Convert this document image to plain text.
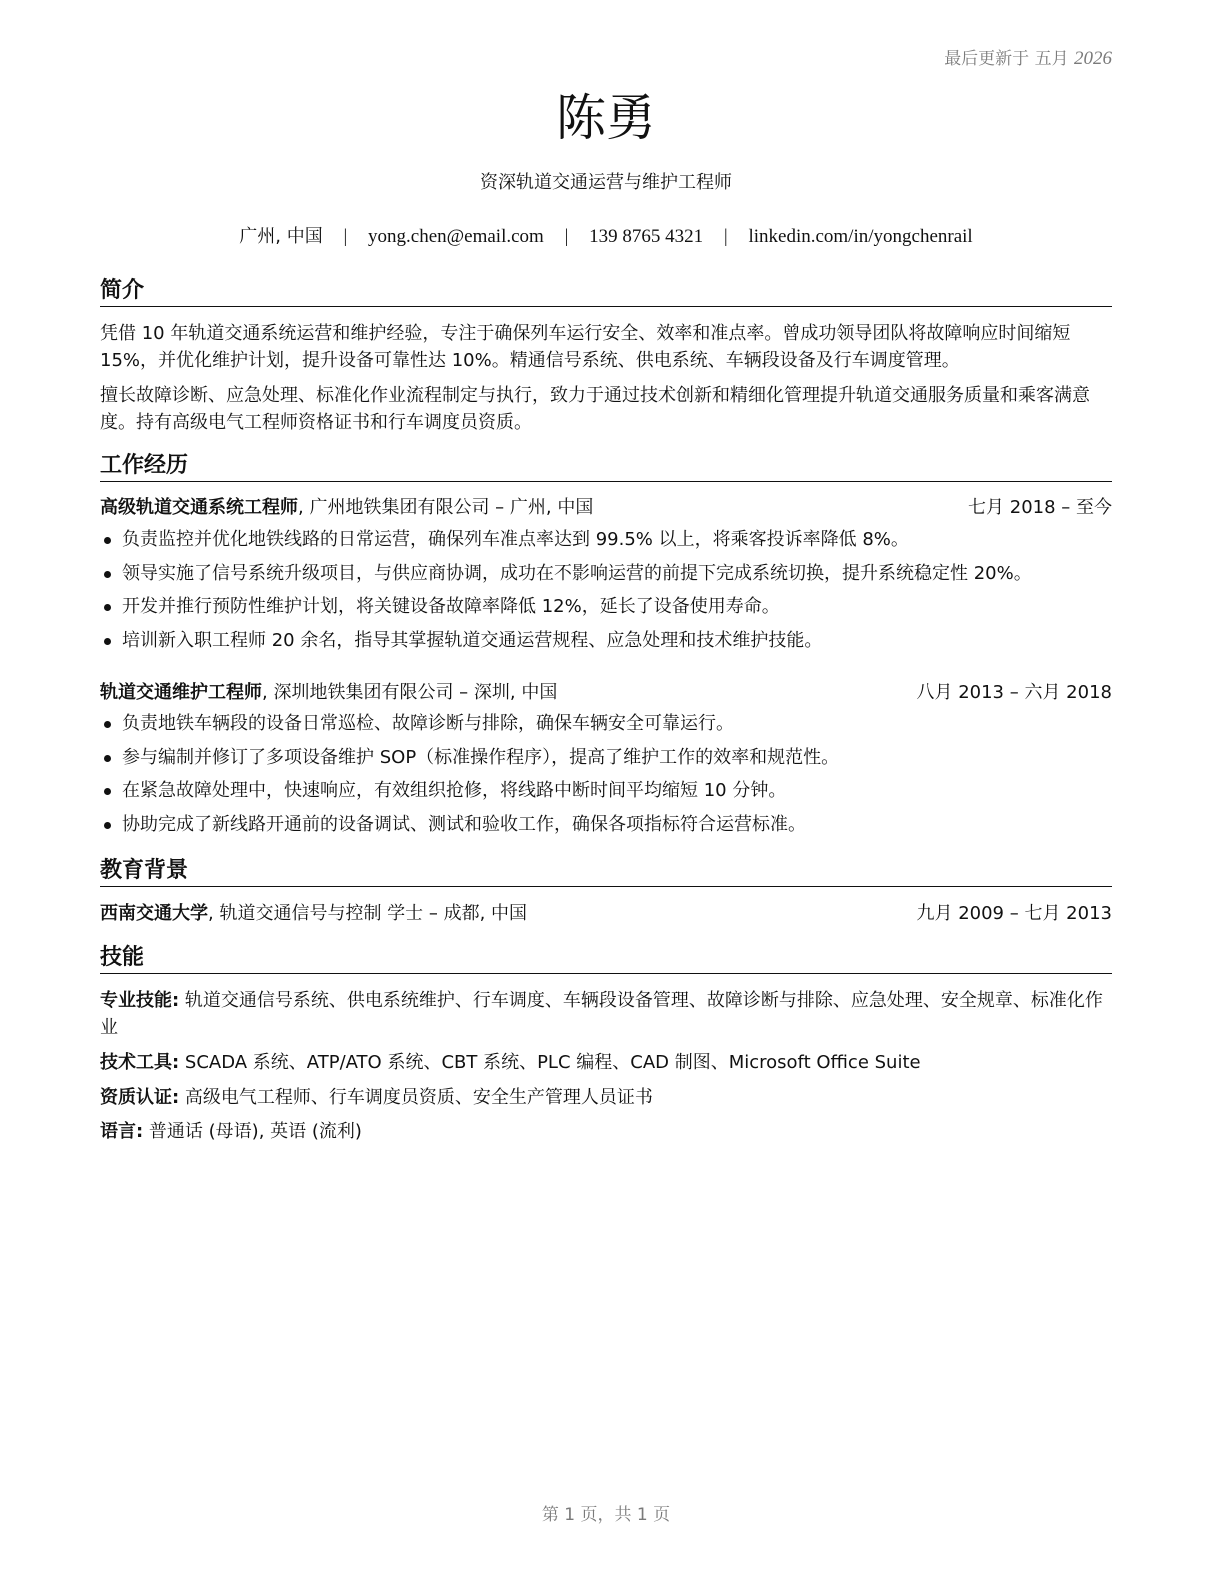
最后更新于 五月 2026
陈勇
资深轨道交通运营与维护工程师
广州, 中国 | yong.chen@email.com | 139 8765 4321 | linkedin.com/in/yongchenrail
简介

凭借 10 年轨道交通系统运营和维护经验，专注于确保列车运行安全、效率和准点率。曾成功领导团队将故障响应时间缩短 15%，并优化维护计划，提升设备可靠性达 10%。精通信号系统、供电系统、车辆段设备及行车调度管理。

擅长故障诊断、应急处理、标准化作业流程制定与执行，致力于通过技术创新和精细化管理提升轨道交通服务质量和乘客满意度。持有高级电气工程师资格证书和行车调度员资质。

工作经历
高级轨道交通系统工程师, 广州地铁集团有限公司 – 广州, 中国	七月 2018 – 至今
负责监控并优化地铁线路的日常运营，确保列车准点率达到 99.5% 以上，将乘客投诉率降低 8%。
领导实施了信号系统升级项目，与供应商协调，成功在不影响运营的前提下完成系统切换，提升系统稳定性 20%。
开发并推行预防性维护计划，将关键设备故障率降低 12%，延长了设备使用寿命。
培训新入职工程师 20 余名，指导其掌握轨道交通运营规程、应急处理和技术维护技能。
轨道交通维护工程师, 深圳地铁集团有限公司 – 深圳, 中国	八月 2013 – 六月 2018
负责地铁车辆段的设备日常巡检、故障诊断与排除，确保车辆安全可靠运行。
参与编制并修订了多项设备维护 SOP（标准操作程序），提高了维护工作的效率和规范性。
在紧急故障处理中，快速响应，有效组织抢修，将线路中断时间平均缩短 10 分钟。
协助完成了新线路开通前的设备调试、测试和验收工作，确保各项指标符合运营标准。
教育背景
西南交通大学, 轨道交通信号与控制 学士 – 成都, 中国	九月 2009 – 七月 2013
技能

专业技能: 轨道交通信号系统、供电系统维护、行车调度、车辆段设备管理、故障诊断与排除、应急处理、安全规章、标准化作业

技术工具: SCADA 系统、ATP/ATO 系统、CBT 系统、PLC 编程、CAD 制图、Microsoft Office Suite

资质认证: 高级电气工程师、行车调度员资质、安全生产管理人员证书

语言: 普通话 (母语), 英语 (流利)

第 1 页，共 1 页
